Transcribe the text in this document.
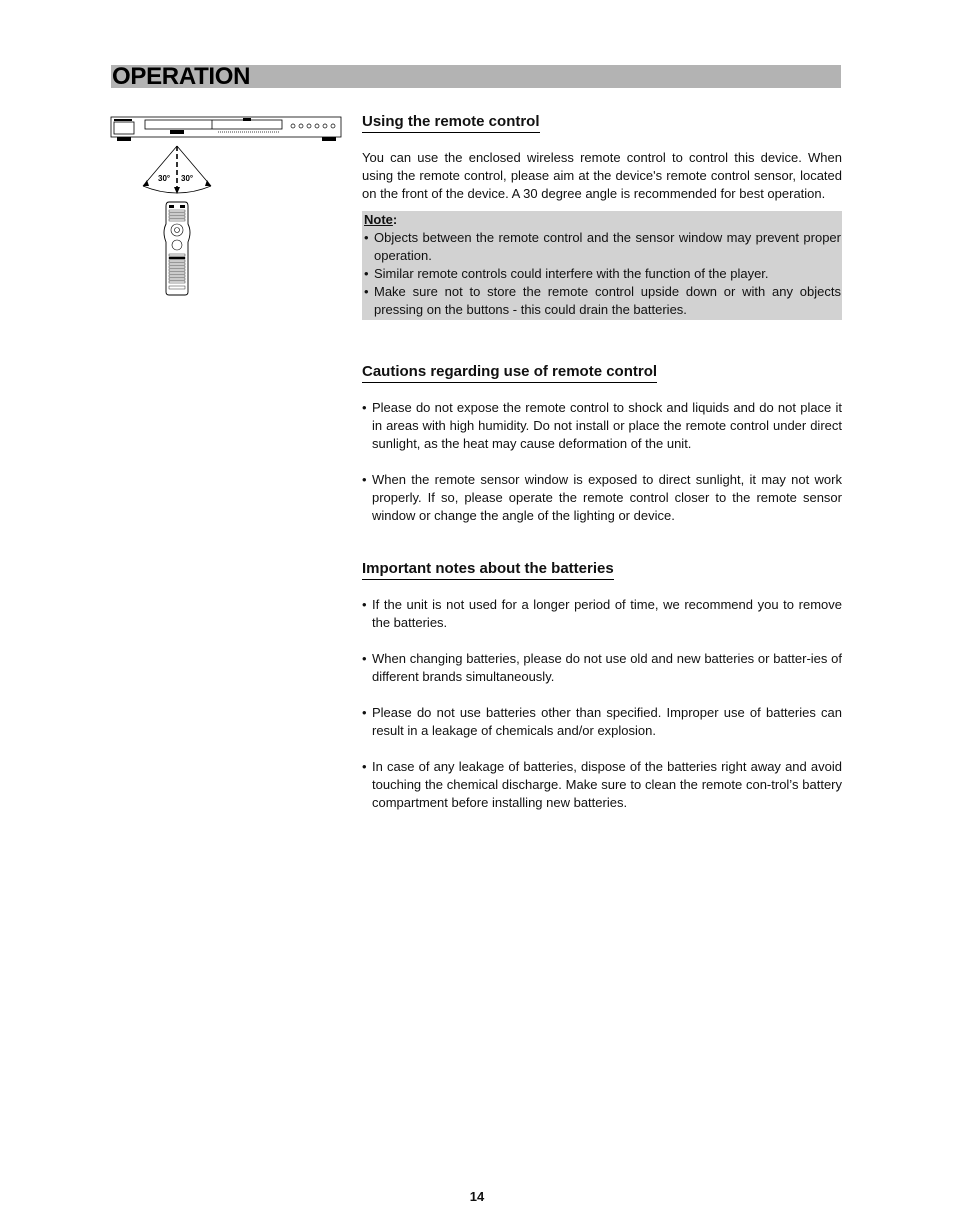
OPERATION
30° 30°
Using the remote control

You can use the enclosed wireless remote control to control this device. When using the remote control, please aim at the device's remote control sensor, located on the front of the device. A 30 degree angle is recommended for best operation.

Note:
• Objects between the remote control and the sensor window may prevent proper operation.
• Similar remote controls could interfere with the function of the player.
• Make sure not to store the remote control upside down or with any objects pressing on the buttons - this could drain the batteries.
Cautions regarding use of remote control
• Please do not expose the remote control to shock and liquids and do not place it in areas with high humidity. Do not install or place the remote control under direct sunlight, as the heat may cause deformation of the unit.
• When the remote sensor window is exposed to direct sunlight, it may not work properly. If so, please operate the remote control closer to the remote sensor window or change the angle of the lighting or device.
Important notes about the batteries
• If the unit is not used for a longer period of time, we recommend you to remove the batteries.
• When changing batteries, please do not use old and new batteries or batter-ies of different brands simultaneously.
• Please do not use batteries other than specified. Improper use of batteries can result in a leakage of chemicals and/or explosion.
• In case of any leakage of batteries, dispose of the batteries right away and avoid touching the chemical discharge. Make sure to clean the remote con-trol’s battery compartment before installing new batteries.
14
